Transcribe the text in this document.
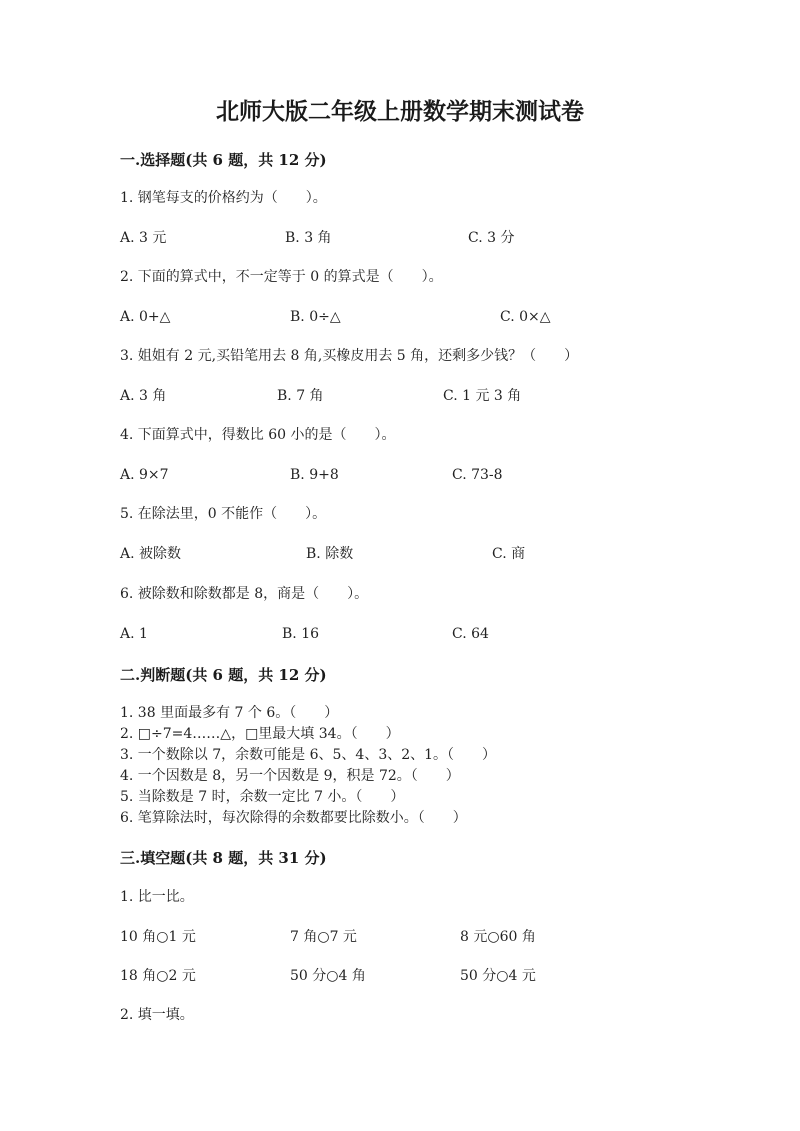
北师大版二年级上册数学期末测试卷
一.选择题(共 6 题，共 12 分)
1. 钢笔每支的价格约为（　　）。
A. 3 元	B. 3 角	C. 3 分
2. 下面的算式中，不一定等于 0 的算式是（　　）。
A. 0+△	B. 0÷△	C. 0×△
3. 姐姐有 2 元,买铅笔用去 8 角,买橡皮用去 5 角，还剩多少钱？（　　）
A. 3 角	B. 7 角	C. 1 元 3 角
4. 下面算式中，得数比 60 小的是（　　）。
A. 9×7	B. 9+8	C. 73-8
5. 在除法里，0 不能作（　　）。
A. 被除数	B. 除数	C. 商
6. 被除数和除数都是 8，商是（　　）。
A. 1	B. 16	C. 64
二.判断题(共 6 题，共 12 分)
1. 38 里面最多有 7 个 6。（　　）
2. □÷7=4……△，□里最大填 34。（　　）
3. 一个数除以 7，余数可能是 6、5、4、3、2、1。（　　）
4. 一个因数是 8，另一个因数是 9，积是 72。（　　）
5. 当除数是 7 时，余数一定比 7 小。（　　）
6. 笔算除法时，每次除得的余数都要比除数小。（　　）
三.填空题(共 8 题，共 31 分)
1. 比一比。
10 角○1 元	7 角○7 元	8 元○60 角
18 角○2 元	50 分○4 角	50 分○4 元
2. 填一填。
